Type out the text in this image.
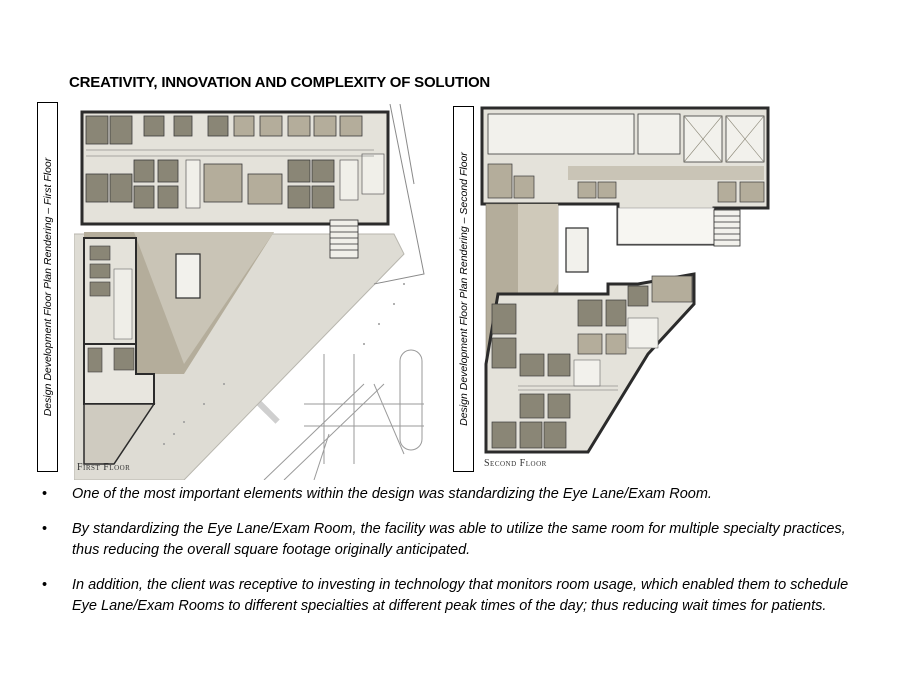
CREATIVITY, INNOVATION AND COMPLEXITY OF SOLUTION
Design Development Floor Plan Rendering – First Floor
First Floor
Design Development Floor Plan Rendering – Second Floor
Second Floor
• One of the most important elements within the design was standardizing the Eye Lane/Exam Room.
• By standardizing the Eye Lane/Exam Room, the facility was able to utilize the same room for multiple specialty practices, thus reducing the overall square footage originally anticipated.
• In addition, the client was receptive to investing in technology that monitors room usage, which enabled them to schedule Eye Lane/Exam Rooms to different specialties at different peak times of the day; thus reducing wait times for patients.
